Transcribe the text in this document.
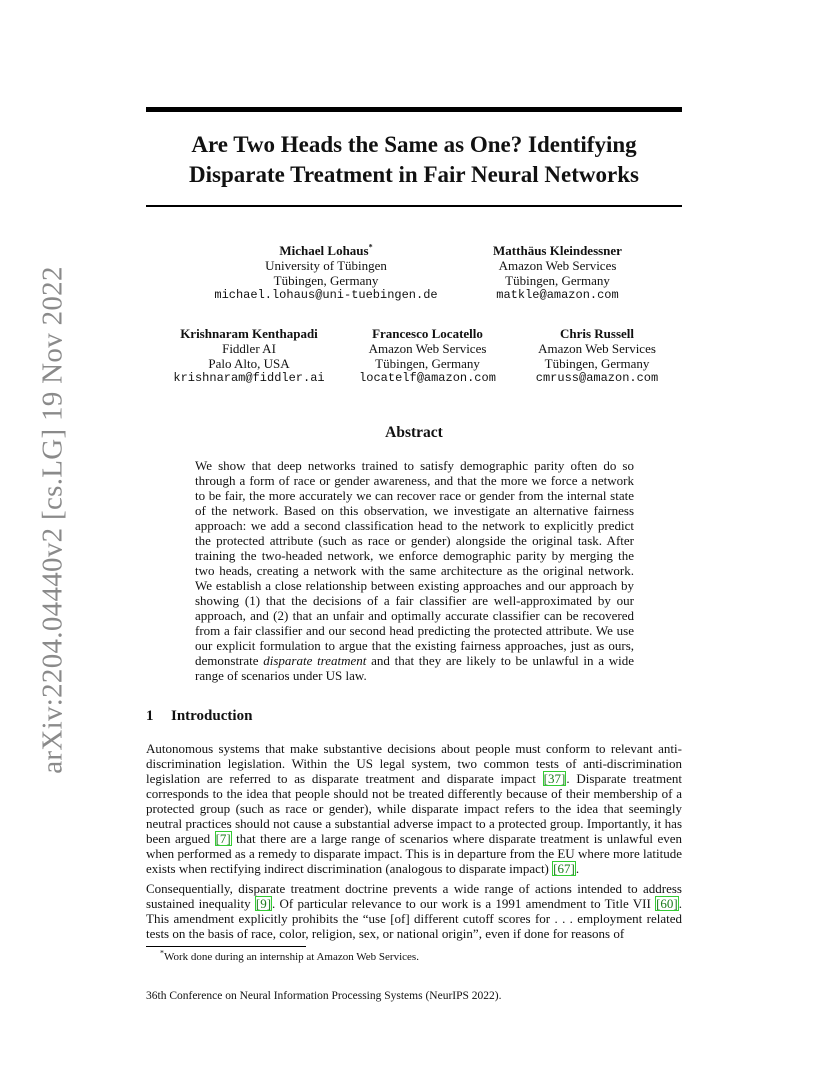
arXiv:2204.04440v2 [cs.LG] 19 Nov 2022
Are Two Heads the Same as One? Identifying Disparate Treatment in Fair Neural Networks
Michael Lohaus*
University of Tübingen
Tübingen, Germany
michael.lohaus@uni-tuebingen.de
Matthäus Kleindessner
Amazon Web Services
Tübingen, Germany
matkle@amazon.com
Krishnaram Kenthapadi
Fiddler AI
Palo Alto, USA
krishnaram@fiddler.ai
Francesco Locatello
Amazon Web Services
Tübingen, Germany
locatelf@amazon.com
Chris Russell
Amazon Web Services
Tübingen, Germany
cmruss@amazon.com
Abstract

We show that deep networks trained to satisfy demographic parity often do so through a form of race or gender awareness, and that the more we force a network to be fair, the more accurately we can recover race or gender from the internal state of the network. Based on this observation, we investigate an alternative fairness approach: we add a second classification head to the network to explicitly predict the protected attribute (such as race or gender) alongside the original task. After training the two-headed network, we enforce demographic parity by merging the two heads, creating a network with the same architecture as the original network. We establish a close relationship between existing approaches and our approach by showing (1) that the decisions of a fair classifier are well-approximated by our approach, and (2) that an unfair and optimally accurate classifier can be recovered from a fair classifier and our second head predicting the protected attribute. We use our explicit formulation to argue that the existing fairness approaches, just as ours, demonstrate disparate treatment and that they are likely to be unlawful in a wide range of scenarios under US law.

1 Introduction

Autonomous systems that make substantive decisions about people must conform to relevant anti-discrimination legislation. Within the US legal system, two common tests of anti-discrimination legislation are referred to as disparate treatment and disparate impact [37]. Disparate treatment corresponds to the idea that people should not be treated differently because of their membership of a protected group (such as race or gender), while disparate impact refers to the idea that seemingly neutral practices should not cause a substantial adverse impact to a protected group. Importantly, it has been argued [7] that there are a large range of scenarios where disparate treatment is unlawful even when performed as a remedy to disparate impact. This is in departure from the EU where more latitude exists when rectifying indirect discrimination (analogous to disparate impact) [67].

Consequentially, disparate treatment doctrine prevents a wide range of actions intended to address sustained inequality [9]. Of particular relevance to our work is a 1991 amendment to Title VII [60]. This amendment explicitly prohibits the “use [of] different cutoff scores for . . . employment related tests on the basis of race, color, religion, sex, or national origin”, even if done for reasons of

*Work done during an internship at Amazon Web Services.
36th Conference on Neural Information Processing Systems (NeurIPS 2022).
